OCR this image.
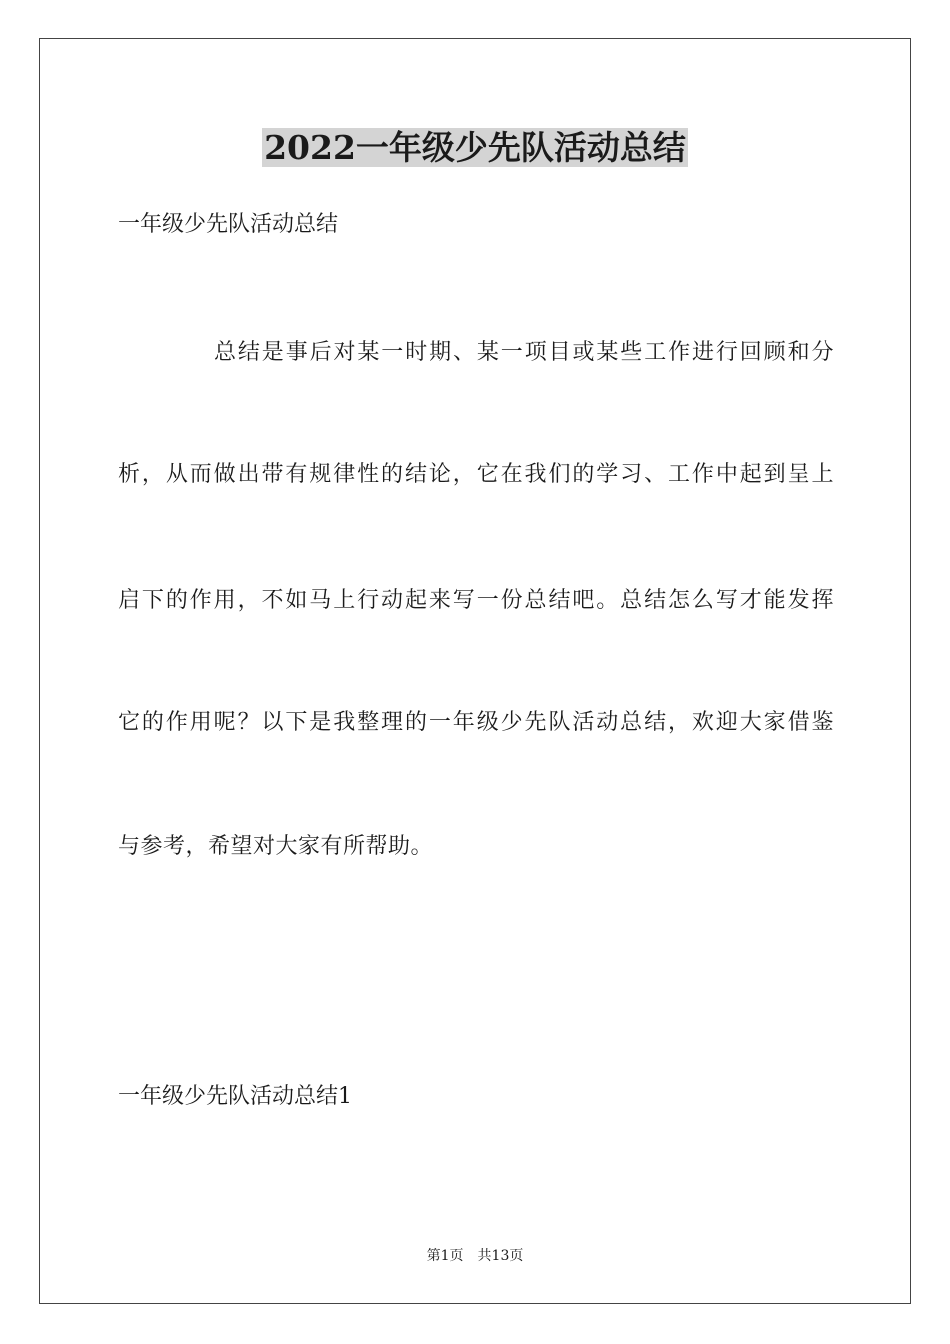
2022一年级少先队活动总结
一年级少先队活动总结
总结是事后对某一时期、某一项目或某些工作进行回顾和分
析，从而做出带有规律性的结论，它在我们的学习、工作中起到呈上
启下的作用，不如马上行动起来写一份总结吧。总结怎么写才能发挥
它的作用呢？以下是我整理的一年级少先队活动总结，欢迎大家借鉴
与参考，希望对大家有所帮助。
一年级少先队活动总结1
第1页 共13页
